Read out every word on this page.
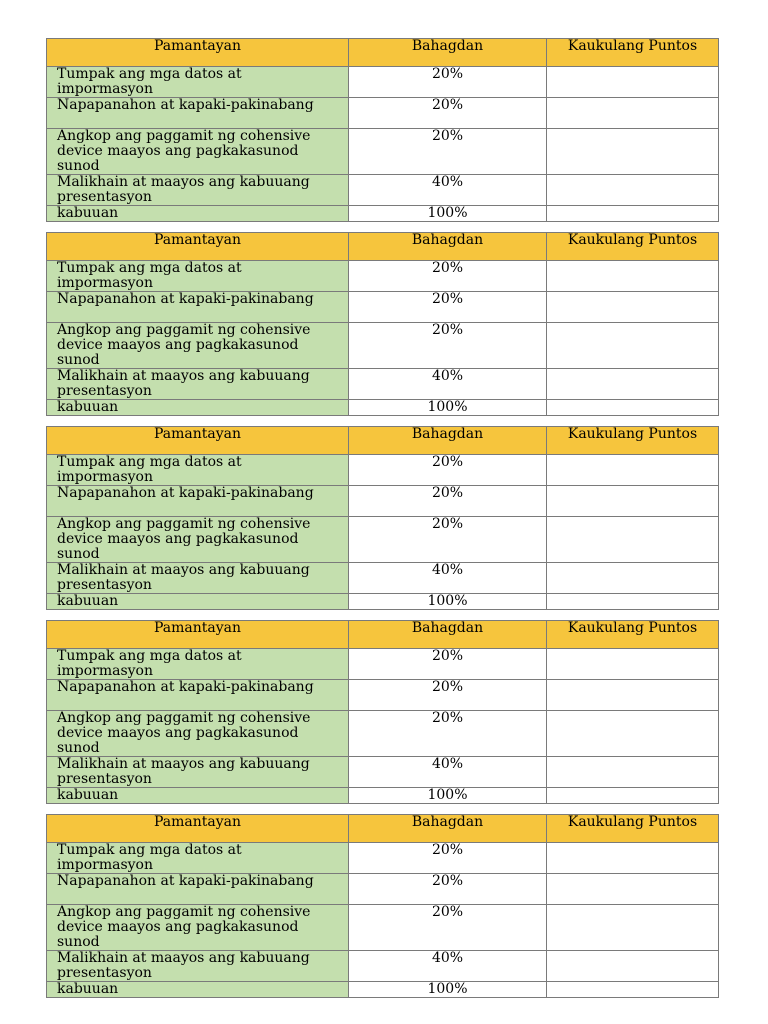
Pamantayan	Bahagdan	Kaukulang Puntos
Tumpak ang mga datos at impormasyon	20%	
Napapanahon at kapaki-pakinabang	20%	
Angkop ang paggamit ng cohensive device maayos ang pagkakasunod sunod	20%	
Malikhain at maayos ang kabuuang presentasyon	40%	
kabuuan	100%	
Pamantayan	Bahagdan	Kaukulang Puntos
Tumpak ang mga datos at impormasyon	20%	
Napapanahon at kapaki-pakinabang	20%	
Angkop ang paggamit ng cohensive device maayos ang pagkakasunod sunod	20%	
Malikhain at maayos ang kabuuang presentasyon	40%	
kabuuan	100%	
Pamantayan	Bahagdan	Kaukulang Puntos
Tumpak ang mga datos at impormasyon	20%	
Napapanahon at kapaki-pakinabang	20%	
Angkop ang paggamit ng cohensive device maayos ang pagkakasunod sunod	20%	
Malikhain at maayos ang kabuuang presentasyon	40%	
kabuuan	100%	
Pamantayan	Bahagdan	Kaukulang Puntos
Tumpak ang mga datos at impormasyon	20%	
Napapanahon at kapaki-pakinabang	20%	
Angkop ang paggamit ng cohensive device maayos ang pagkakasunod sunod	20%	
Malikhain at maayos ang kabuuang presentasyon	40%	
kabuuan	100%	
Pamantayan	Bahagdan	Kaukulang Puntos
Tumpak ang mga datos at impormasyon	20%	
Napapanahon at kapaki-pakinabang	20%	
Angkop ang paggamit ng cohensive device maayos ang pagkakasunod sunod	20%	
Malikhain at maayos ang kabuuang presentasyon	40%	
kabuuan	100%	
